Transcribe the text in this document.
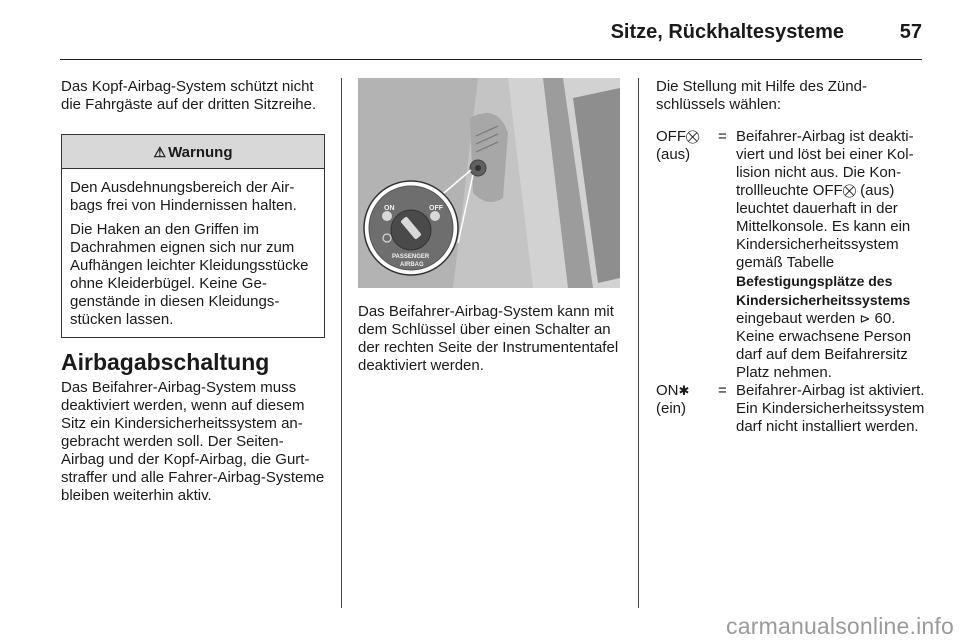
Sitze, Rückhaltesysteme	57

Das Kopf-Airbag-System schützt nicht die Fahrgäste auf der dritten Sitzreihe.

⚠ Warnung

Den Ausdehnungsbereich der Airbags frei von Hindernissen halten.

Die Haken an den Griffen im Dachrahmen eignen sich nur zum Aufhängen leichter Kleidungsstücke ohne Kleiderbügel. Keine Gegenstände in diesen Kleidungsstücken lassen.

Airbagabschaltung

Das Beifahrer-Airbag-System muss deaktiviert werden, wenn auf diesem Sitz ein Kindersicherheitssystem angebracht werden soll. Der Seiten-Airbag und der Kopf-Airbag, die Gurtstraffer und alle Fahrer-Airbag-Systeme bleiben weiterhin aktiv.

ON	OFF
PASSENGER
AIRBAG

Das Beifahrer-Airbag-System kann mit dem Schlüssel über einen Schalter an der rechten Seite der Instrumententafel deaktiviert werden.

Die Stellung mit Hilfe des Zündschlüssels wählen:

OFF⛒
(aus)	=	Beifahrer-Airbag ist deaktiviert und löst bei einer Kollision nicht aus. Die Kontrollleuchte OFF⛒ (aus) leuchtet dauerhaft in der Mittelkonsole. Es kann ein Kindersicherheitssystem gemäß Tabelle Befestigungsplätze des Kindersicherheitssystems eingebaut werden ⊳ 60. Keine erwachsene Person darf auf dem Beifahrersitz Platz nehmen.
ON✱
(ein)	=	Beifahrer-Airbag ist aktiviert. Ein Kindersicherheitssystem darf nicht installiert werden.
carmanualsonline.info
